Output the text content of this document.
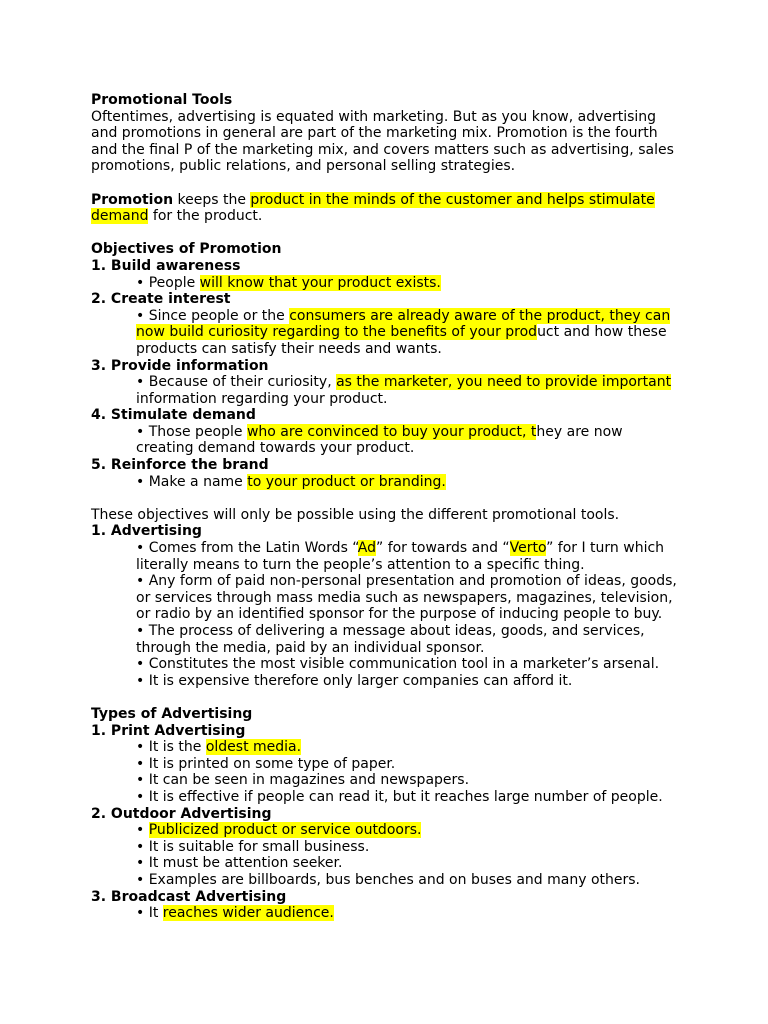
Promotional Tools
Oftentimes, advertising is equated with marketing. But as you know, advertising
and promotions in general are part of the marketing mix. Promotion is the fourth
and the final P of the marketing mix, and covers matters such as advertising, sales
promotions, public relations, and personal selling strategies.
Promotion keeps the product in the minds of the customer and helps stimulate
demand for the product.
Objectives of Promotion
1. Build awareness
• People will know that your product exists.
2. Create interest
• Since people or the consumers are already aware of the product, they can
now build curiosity regarding to the benefits of your product and how these
products can satisfy their needs and wants.
3. Provide information
• Because of their curiosity, as the marketer, you need to provide important
information regarding your product.
4. Stimulate demand
• Those people who are convinced to buy your product, they are now
creating demand towards your product.
5. Reinforce the brand
• Make a name to your product or branding.
These objectives will only be possible using the different promotional tools.
1. Advertising
• Comes from the Latin Words “Ad” for towards and “Verto” for I turn which
literally means to turn the people’s attention to a specific thing.
• Any form of paid non-personal presentation and promotion of ideas, goods,
or services through mass media such as newspapers, magazines, television,
or radio by an identified sponsor for the purpose of inducing people to buy.
• The process of delivering a message about ideas, goods, and services,
through the media, paid by an individual sponsor.
• Constitutes the most visible communication tool in a marketer’s arsenal.
• It is expensive therefore only larger companies can afford it.
Types of Advertising
1. Print Advertising
• It is the oldest media.
• It is printed on some type of paper.
• It can be seen in magazines and newspapers.
• It is effective if people can read it, but it reaches large number of people.
2. Outdoor Advertising
• Publicized product or service outdoors.
• It is suitable for small business.
• It must be attention seeker.
• Examples are billboards, bus benches and on buses and many others.
3. Broadcast Advertising
• It reaches wider audience.
